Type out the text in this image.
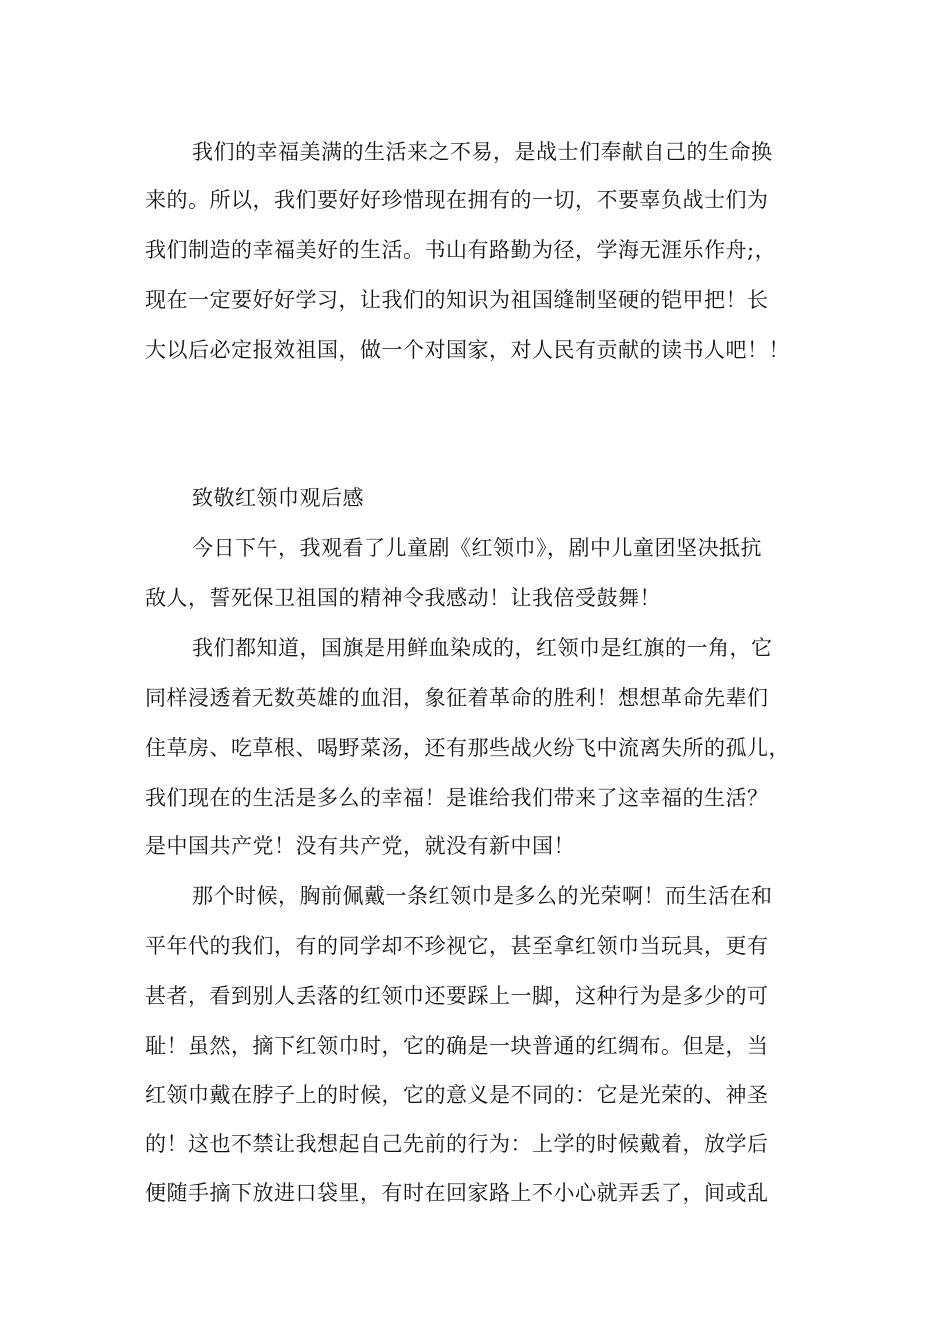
我们的幸福美满的生活来之不易，是战士们奉献自己的生命换
来的。所以，我们要好好珍惜现在拥有的一切，不要辜负战士们为
我们制造的幸福美好的生活。书山有路勤为径，学海无涯乐作舟;，
现在一定要好好学习，让我们的知识为祖国缝制坚硬的铠甲把！长
大以后必定报效祖国，做一个对国家，对人民有贡献的读书人吧！！
致敬红领巾观后感
今日下午，我观看了儿童剧《红领巾》，剧中儿童团坚决抵抗
敌人，誓死保卫祖国的精神令我感动！让我倍受鼓舞！
我们都知道，国旗是用鲜血染成的，红领巾是红旗的一角，它
同样浸透着无数英雄的血泪，象征着革命的胜利！想想革命先辈们
住草房、吃草根、喝野菜汤，还有那些战火纷飞中流离失所的孤儿，
我们现在的生活是多么的幸福！是谁给我们带来了这幸福的生活？
是中国共产党！没有共产党，就没有新中国！
那个时候，胸前佩戴一条红领巾是多么的光荣啊！而生活在和
平年代的我们，有的同学却不珍视它，甚至拿红领巾当玩具，更有
甚者，看到别人丢落的红领巾还要踩上一脚，这种行为是多少的可
耻！虽然，摘下红领巾时，它的确是一块普通的红绸布。但是，当
红领巾戴在脖子上的时候，它的意义是不同的：它是光荣的、神圣
的！这也不禁让我想起自己先前的行为：上学的时候戴着，放学后
便随手摘下放进口袋里，有时在回家路上不小心就弄丢了，间或乱
